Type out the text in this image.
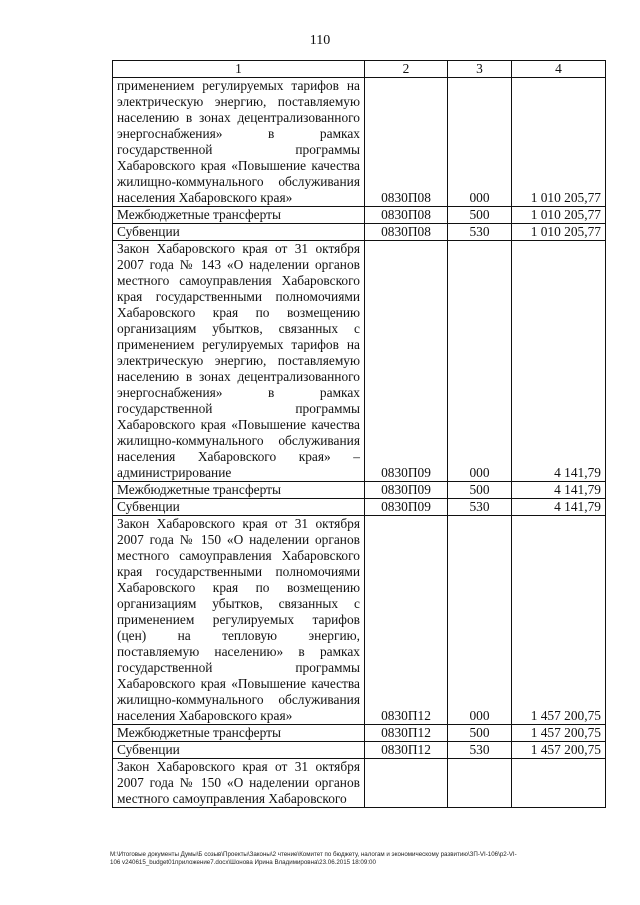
110
1	2	3	4
применением регулируемых тарифов на электрическую энергию, поставляемую населению в зонах децентрализованного энергоснабжения» в рамках государственной программы Хабаровского края «Повышение качества жилищно-коммунального обслуживания населения Хабаровского края»	0830П08	000	1 010 205,77
Межбюджетные трансферты	0830П08	500	1 010 205,77
Субвенции	0830П08	530	1 010 205,77
Закон Хабаровского края от 31 октября 2007 года № 143 «О наделении органов местного самоуправления Хабаровского края государственными полномочиями Хабаровского края по возмещению организациям убытков, связанных с применением регулируемых тарифов на электрическую энергию, поставляемую населению в зонах децентрализованного энергоснабжения» в рамках государственной программы Хабаровского края «Повышение качества жилищно-коммунального обслуживания населения Хабаровского края» – администрирование	0830П09	000	4 141,79
Межбюджетные трансферты	0830П09	500	4 141,79
Субвенции	0830П09	530	4 141,79
Закон Хабаровского края от 31 октября 2007 года № 150 «О наделении органов местного самоуправления Хабаровского края государственными полномочиями Хабаровского края по возмещению организациям убытков, связанных с применением регулируемых тарифов (цен) на тепловую энергию, поставляемую населению» в рамках государственной программы Хабаровского края «Повышение качества жилищно-коммунального обслуживания населения Хабаровского края»	0830П12	000	1 457 200,75
Межбюджетные трансферты	0830П12	500	1 457 200,75
Субвенции	0830П12	530	1 457 200,75
Закон Хабаровского края от 31 октября 2007 года № 150 «О наделении органов местного самоуправления Хабаровского			
M:\Итоговые документы Думы\Б созыв\Проекты\Законы\2 чтение\Комитет по бюджету, налогам и экономическому развитию\ЗП-VI-106\р2-VI-
106 v240615_budget01приложение7.docx\Шонова Ирина Владимировна\23.06.2015 18:09:00
